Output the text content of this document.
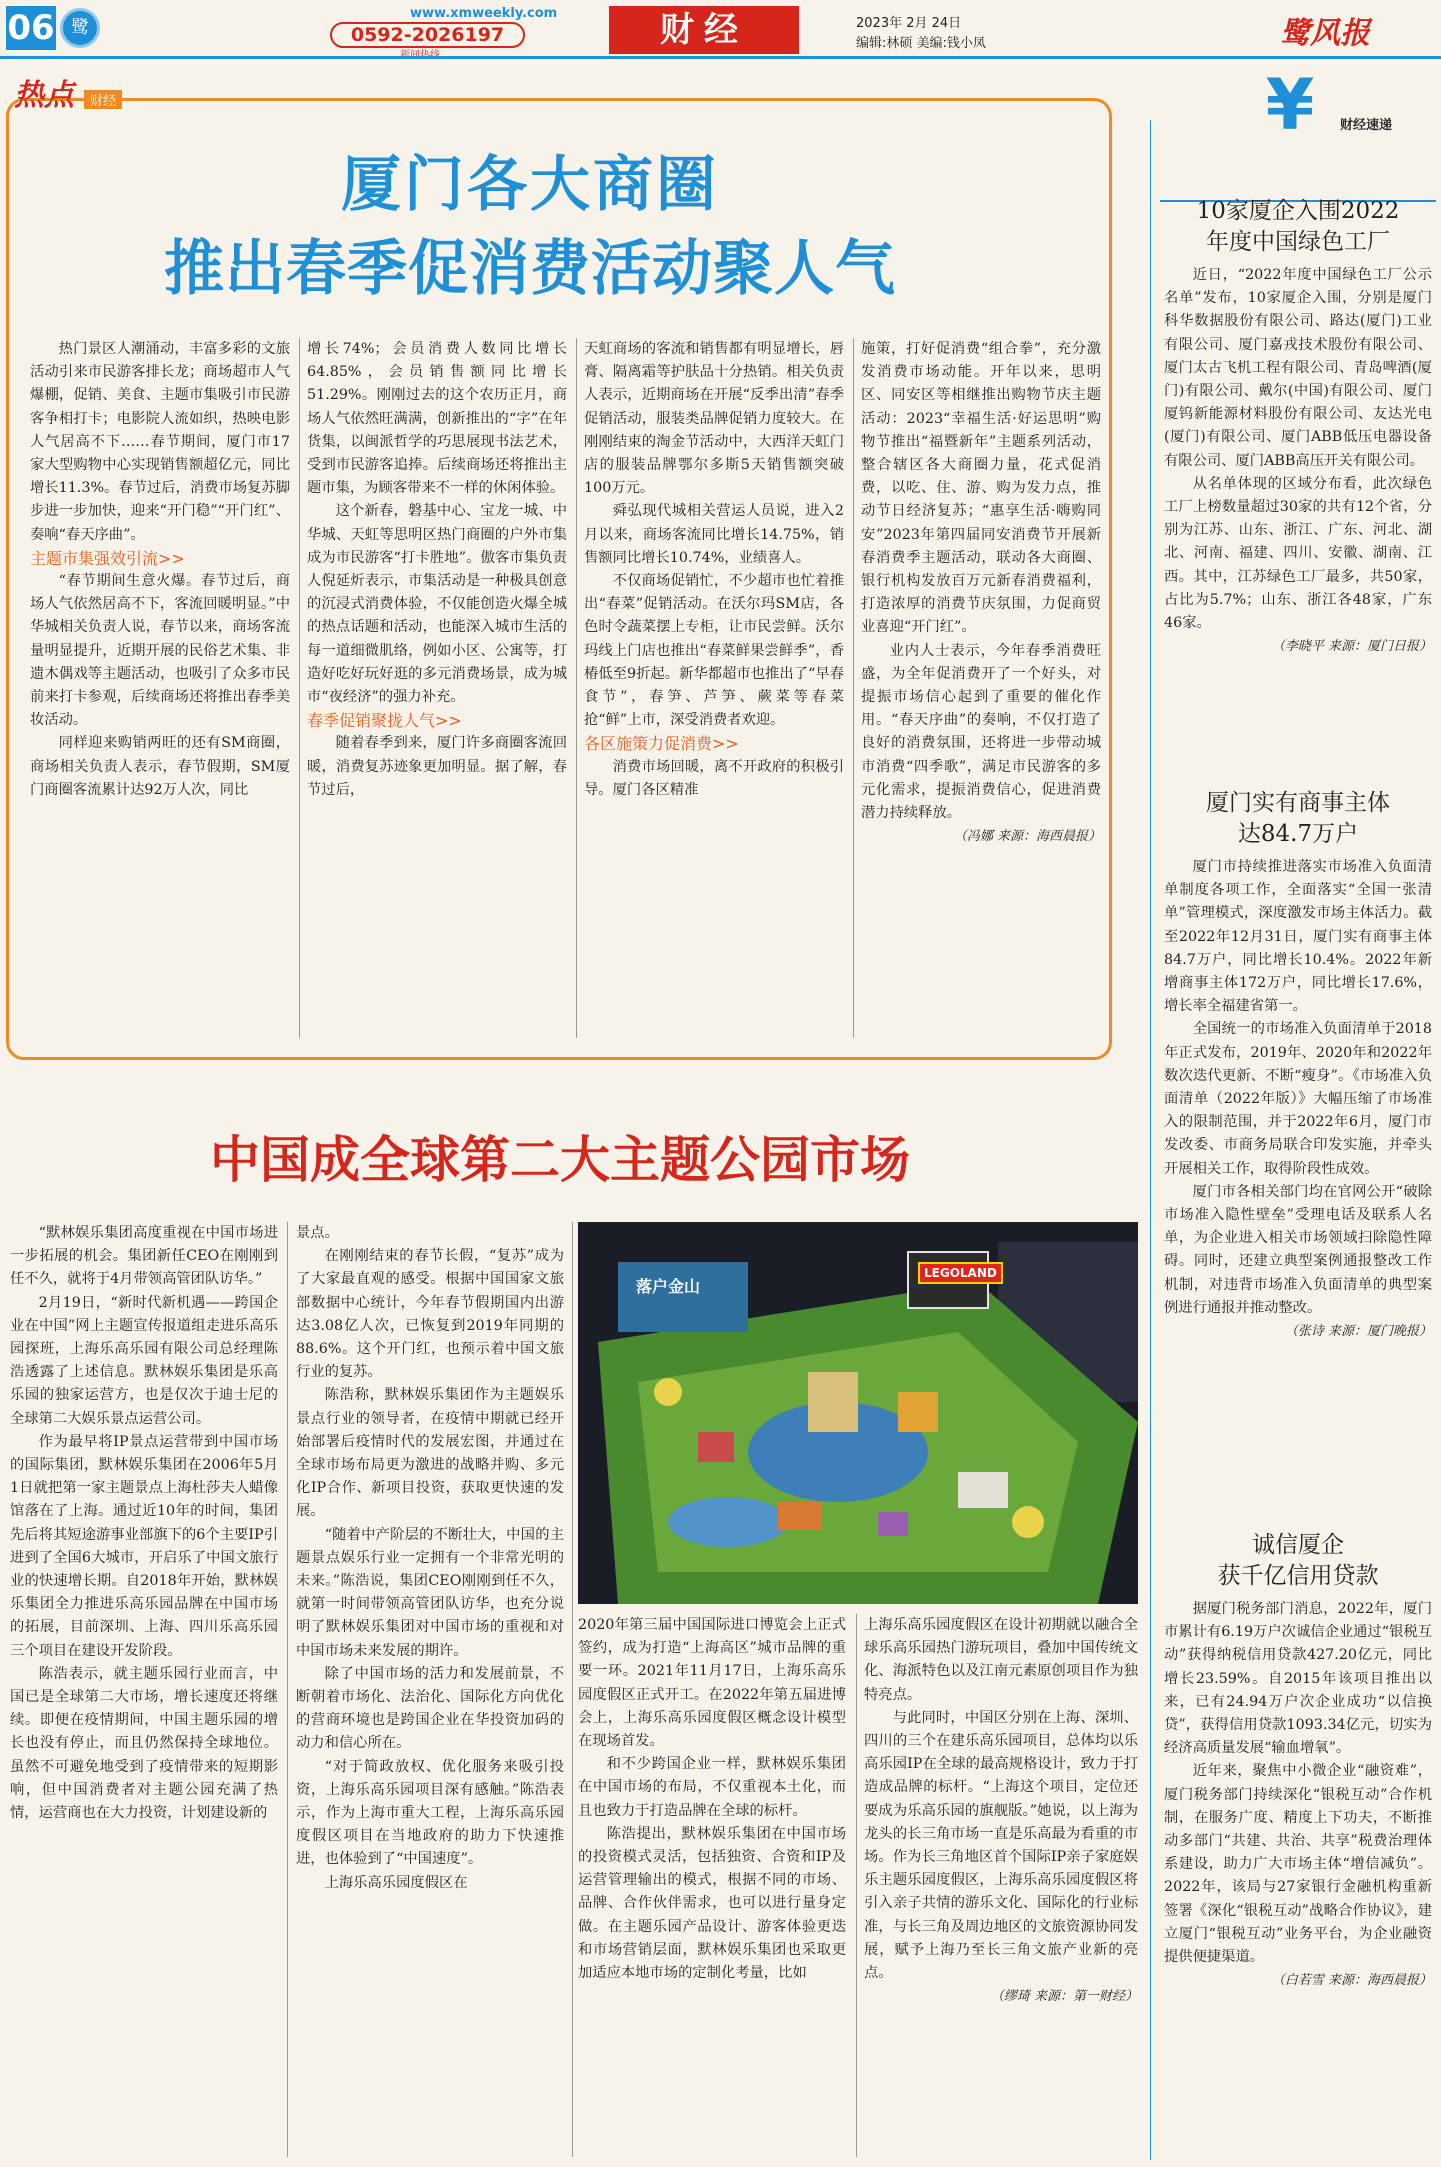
06 鹭
www.xmweekly.com
0592-2026197	财经	2023年 2月 24日
编辑:林硕 美编:钱小凤	鹭风报
热点	财经
厦门各大商圈
推出春季促消费活动聚人气

热门景区人潮涌动，丰富多彩的文旅活动引来市民游客排长龙；商场超市人气爆棚，促销、美食、主题市集吸引市民游客争相打卡；电影院人流如织，热映电影人气居高不下……春节期间，厦门市17家大型购物中心实现销售额超亿元，同比增长11.3%。春节过后，消费市场复苏脚步进一步加快，迎来“开门稳”“开门红”、奏响“春天序曲”。

主题市集强效引流>>

“春节期间生意火爆。春节过后，商场人气依然居高不下，客流回暖明显。”中华城相关负责人说，春节以来，商场客流量明显提升，近期开展的民俗艺术集、非遗木偶戏等主题活动，也吸引了众多市民前来打卡参观，后续商场还将推出春季美妆活动。

同样迎来购销两旺的还有SM商圈，商场相关负责人表示，春节假期，SM厦门商圈客流累计达92万人次，同比

增长74%；会员消费人数同比增长64.85%，会员销售额同比增长51.29%。刚刚过去的这个农历正月，商场人气依然旺满满，创新推出的“字”在年货集，以闽派哲学的巧思展现书法艺术，受到市民游客追捧。后续商场还将推出主题市集，为顾客带来不一样的休闲体验。

这个新春，磐基中心、宝龙一城、中华城、天虹等思明区热门商圈的户外市集成为市民游客“打卡胜地”。傲客市集负责人倪延炘表示，市集活动是一种极具创意的沉浸式消费体验，不仅能创造火爆全城的热点话题和活动，也能深入城市生活的每一道细微肌络，例如小区、公寓等，打造好吃好玩好逛的多元消费场景，成为城市“夜经济”的强力补充。

春季促销聚拢人气>>

随着春季到来，厦门许多商圈客流回暖，消费复苏迹象更加明显。据了解，春节过后，

天虹商场的客流和销售都有明显增长，唇膏、隔离霜等护肤品十分热销。相关负责人表示，近期商场在开展“反季出清”春季促销活动，服装类品牌促销力度较大。在刚刚结束的淘金节活动中，大西洋天虹门店的服装品牌鄂尔多斯5天销售额突破100万元。

舜弘现代城相关营运人员说，进入2月以来，商场客流同比增长14.75%，销售额同比增长10.74%，业绩喜人。

不仅商场促销忙，不少超市也忙着推出“春菜”促销活动。在沃尔玛SM店，各色时令蔬菜摆上专柜，让市民尝鲜。沃尔玛线上门店也推出“春菜鲜果尝鲜季”，香椿低至9折起。新华都超市也推出了“早春食节”，春笋、芦笋、蕨菜等春菜抢“鲜”上市，深受消费者欢迎。

各区施策力促消费>>

消费市场回暖，离不开政府的积极引导。厦门各区精准

施策，打好促消费“组合拳”，充分激发消费市场动能。开年以来，思明区、同安区等相继推出购物节庆主题活动：2023“幸福生活·好运思明”购物节推出“福暨新年”主题系列活动，整合辖区各大商圈力量，花式促消费，以吃、住、游、购为发力点，推动节日经济复苏；“惠享生活·嗨购同安”2023年第四届同安消费节开展新春消费季主题活动，联动各大商圈、银行机构发放百万元新春消费福利，打造浓厚的消费节庆氛围，力促商贸业喜迎“开门红”。

业内人士表示，今年春季消费旺盛，为全年促消费开了一个好头，对提振市场信心起到了重要的催化作用。“春天序曲”的奏响，不仅打造了良好的消费氛围，还将进一步带动城市消费“四季歌”，满足市民游客的多元化需求，提振消费信心，促进消费潜力持续释放。

（冯娜 来源：海西晨报）

¥	财经速递
10家厦企入围2022
年度中国绿色工厂

近日，“2022年度中国绿色工厂公示名单”发布，10家厦企入围，分别是厦门科华数据股份有限公司、路达(厦门)工业有限公司、厦门嘉戎技术股份有限公司、厦门太古飞机工程有限公司、青岛啤酒(厦门)有限公司、戴尔(中国)有限公司、厦门厦钨新能源材料股份有限公司、友达光电(厦门)有限公司、厦门ABB低压电器设备有限公司、厦门ABB高压开关有限公司。

从名单体现的区域分布看，此次绿色工厂上榜数量超过30家的共有12个省，分别为江苏、山东、浙江、广东、河北、湖北、河南、福建、四川、安徽、湖南、江西。其中，江苏绿色工厂最多，共50家，占比为5.7%；山东、浙江各48家，广东46家。

（李晓平 来源：厦门日报）

厦门实有商事主体
达84.7万户

厦门市持续推进落实市场准入负面清单制度各项工作，全面落实“全国一张清单”管理模式，深度激发市场主体活力。截至2022年12月31日，厦门实有商事主体84.7万户，同比增长10.4%。2022年新增商事主体172万户，同比增长17.6%，增长率全福建省第一。

全国统一的市场准入负面清单于2018年正式发布，2019年、2020年和2022年数次迭代更新、不断“瘦身”。《市场准入负面清单（2022年版）》大幅压缩了市场准入的限制范围，并于2022年6月，厦门市发改委、市商务局联合印发实施，并牵头开展相关工作，取得阶段性成效。

厦门市各相关部门均在官网公开“破除市场准入隐性壁垒”受理电话及联系人名单，为企业进入相关市场领域扫除隐性障碍。同时，还建立典型案例通报整改工作机制，对违背市场准入负面清单的典型案例进行通报并推动整改。

（张诗 来源：厦门晚报）

诚信厦企
获千亿信用贷款

据厦门税务部门消息，2022年，厦门市累计有6.19万户次诚信企业通过“银税互动”获得纳税信用贷款427.20亿元，同比增长23.59%。自2015年该项目推出以来，已有24.94万户次企业成功“以信换贷”，获得信用贷款1093.34亿元，切实为经济高质量发展“输血增氧”。

近年来，聚焦中小微企业“融资难”，厦门税务部门持续深化“银税互动”合作机制，在服务广度、精度上下功夫，不断推动多部门“共建、共治、共享”税费治理体系建设，助力广大市场主体“增信减负”。2022年，该局与27家银行金融机构重新签署《深化“银税互动”战略合作协议》，建立厦门“银税互动”业务平台，为企业融资提供便捷渠道。

（白若雪 来源：海西晨报）

中国成全球第二大主题公园市场

“默林娱乐集团高度重视在中国市场进一步拓展的机会。集团新任CEO在刚刚到任不久，就将于4月带领高管团队访华。”

2月19日，“新时代新机遇——跨国企业在中国”网上主题宣传报道组走进乐高乐园探班，上海乐高乐园有限公司总经理陈浩透露了上述信息。默林娱乐集团是乐高乐园的独家运营方，也是仅次于迪士尼的全球第二大娱乐景点运营公司。

作为最早将IP景点运营带到中国市场的国际集团，默林娱乐集团在2006年5月1日就把第一家主题景点上海杜莎夫人蜡像馆落在了上海。通过近10年的时间，集团先后将其短途游事业部旗下的6个主要IP引进到了全国6大城市，开启乐了中国文旅行业的快速增长期。自2018年开始，默林娱乐集团全力推进乐高乐园品牌在中国市场的拓展，目前深圳、上海、四川乐高乐园三个项目在建设开发阶段。

陈浩表示，就主题乐园行业而言，中国已是全球第二大市场，增长速度还将继续。即便在疫情期间，中国主题乐园的增长也没有停止，而且仍然保持全球地位。虽然不可避免地受到了疫情带来的短期影响，但中国消费者对主题公园充满了热情，运营商也在大力投资，计划建设新的

景点。

在刚刚结束的春节长假，“复苏”成为了大家最直观的感受。根据中国国家文旅部数据中心统计，今年春节假期国内出游达3.08亿人次，已恢复到2019年同期的88.6%。这个开门红，也预示着中国文旅行业的复苏。

陈浩称，默林娱乐集团作为主题娱乐景点行业的领导者，在疫情中期就已经开始部署后疫情时代的发展宏图，并通过在全球市场布局更为激进的战略并购、多元化IP合作、新项目投资，获取更快速的发展。

“随着中产阶层的不断壮大，中国的主题景点娱乐行业一定拥有一个非常光明的未来。”陈浩说，集团CEO刚刚到任不久，就第一时间带领高管团队访华，也充分说明了默林娱乐集团对中国市场的重视和对中国市场未来发展的期许。

除了中国市场的活力和发展前景，不断朝着市场化、法治化、国际化方向优化的营商环境也是跨国企业在华投资加码的动力和信心所在。

“对于简政放权、优化服务来吸引投资，上海乐高乐园项目深有感触。”陈浩表示，作为上海市重大工程，上海乐高乐园度假区项目在当地政府的助力下快速推进，也体验到了“中国速度”。

上海乐高乐园度假区在

落户金山
LEGOLAND

2020年第三届中国国际进口博览会上正式签约，成为打造“上海高区”城市品牌的重要一环。2021年11月17日，上海乐高乐园度假区正式开工。在2022年第五届进博会上，上海乐高乐园度假区概念设计模型在现场首发。

和不少跨国企业一样，默林娱乐集团在中国市场的布局，不仅重视本土化，而且也致力于打造品牌在全球的标杆。

陈浩提出，默林娱乐集团在中国市场的投资模式灵活，包括独资、合资和IP及运营管理输出的模式，根据不同的市场、品牌、合作伙伴需求，也可以进行量身定做。在主题乐园产品设计、游客体验更迭和市场营销层面，默林娱乐集团也采取更加适应本地市场的定制化考量，比如

上海乐高乐园度假区在设计初期就以融合全球乐高乐园热门游玩项目，叠加中国传统文化、海派特色以及江南元素原创项目作为独特亮点。

与此同时，中国区分别在上海、深圳、四川的三个在建乐高乐园项目，总体均以乐高乐园IP在全球的最高规格设计，致力于打造成品牌的标杆。“上海这个项目，定位还要成为乐高乐园的旗舰版。”她说，以上海为龙头的长三角市场一直是乐高最为看重的市场。作为长三角地区首个国际IP亲子家庭娱乐主题乐园度假区，上海乐高乐园度假区将引入亲子共情的游乐文化、国际化的行业标准，与长三角及周边地区的文旅资源协同发展，赋予上海乃至长三角文旅产业新的亮点。

（缪琦 来源：第一财经）
